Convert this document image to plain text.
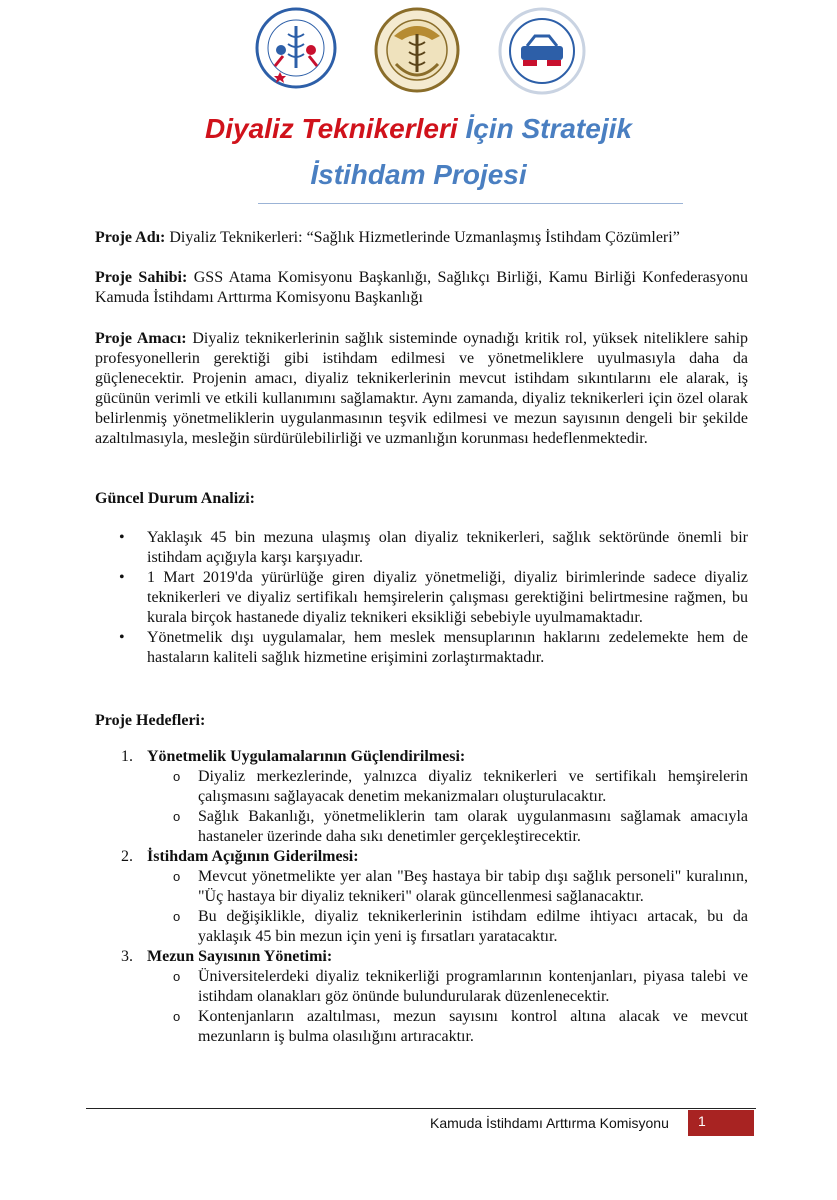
Diyaliz Teknikerleri İçin Stratejik
İstihdam Projesi
Proje Adı: Diyaliz Teknikerleri: “Sağlık Hizmetlerinde Uzmanlaşmış İstihdam Çözümleri”
Proje Sahibi: GSS Atama Komisyonu Başkanlığı, Sağlıkçı Birliği, Kamu Birliği Konfederasyonu Kamuda İstihdamı Arttırma Komisyonu Başkanlığı
Proje Amacı: Diyaliz teknikerlerinin sağlık sisteminde oynadığı kritik rol, yüksek niteliklere sahip profesyonellerin gerektiği gibi istihdam edilmesi ve yönetmeliklere uyulmasıyla daha da güçlenecektir. Projenin amacı, diyaliz teknikerlerinin mevcut istihdam sıkıntılarını ele alarak, iş gücünün verimli ve etkili kullanımını sağlamaktır. Aynı zamanda, diyaliz teknikerleri için özel olarak belirlenmiş yönetmeliklerin uygulanmasının teşvik edilmesi ve mezun sayısının dengeli bir şekilde azaltılmasıyla, mesleğin sürdürülebilirliği ve uzmanlığın korunması hedeflenmektedir.
Güncel Durum Analizi:
• Yaklaşık 45 bin mezuna ulaşmış olan diyaliz teknikerleri, sağlık sektöründe önemli bir istihdam açığıyla karşı karşıyadır.
• 1 Mart 2019'da yürürlüğe giren diyaliz yönetmeliği, diyaliz birimlerinde sadece diyaliz teknikerleri ve diyaliz sertifikalı hemşirelerin çalışması gerektiğini belirtmesine rağmen, bu kurala birçok hastanede diyaliz teknikeri eksikliği sebebiyle uyulmamaktadır.
• Yönetmelik dışı uygulamalar, hem meslek mensuplarının haklarını zedelemekte hem de hastaların kaliteli sağlık hizmetine erişimini zorlaştırmaktadır.
Proje Hedefleri:
1. Yönetmelik Uygulamalarının Güçlendirilmesi:
o Diyaliz merkezlerinde, yalnızca diyaliz teknikerleri ve sertifikalı hemşirelerin çalışmasını sağlayacak denetim mekanizmaları oluşturulacaktır.
o Sağlık Bakanlığı, yönetmeliklerin tam olarak uygulanmasını sağlamak amacıyla hastaneler üzerinde daha sıkı denetimler gerçekleştirecektir.
2. İstihdam Açığının Giderilmesi:
o Mevcut yönetmelikte yer alan "Beş hastaya bir tabip dışı sağlık personeli" kuralının, "Üç hastaya bir diyaliz teknikeri" olarak güncellenmesi sağlanacaktır.
o Bu değişiklikle, diyaliz teknikerlerinin istihdam edilme ihtiyacı artacak, bu da yaklaşık 45 bin mezun için yeni iş fırsatları yaratacaktır.
3. Mezun Sayısının Yönetimi:
o Üniversitelerdeki diyaliz teknikerliği programlarının kontenjanları, piyasa talebi ve istihdam olanakları göz önünde bulundurularak düzenlenecektir.
o Kontenjanların azaltılması, mezun sayısını kontrol altına alacak ve mevcut mezunların iş bulma olasılığını artıracaktır.
Kamuda İstihdamı Arttırma Komisyonu 1
